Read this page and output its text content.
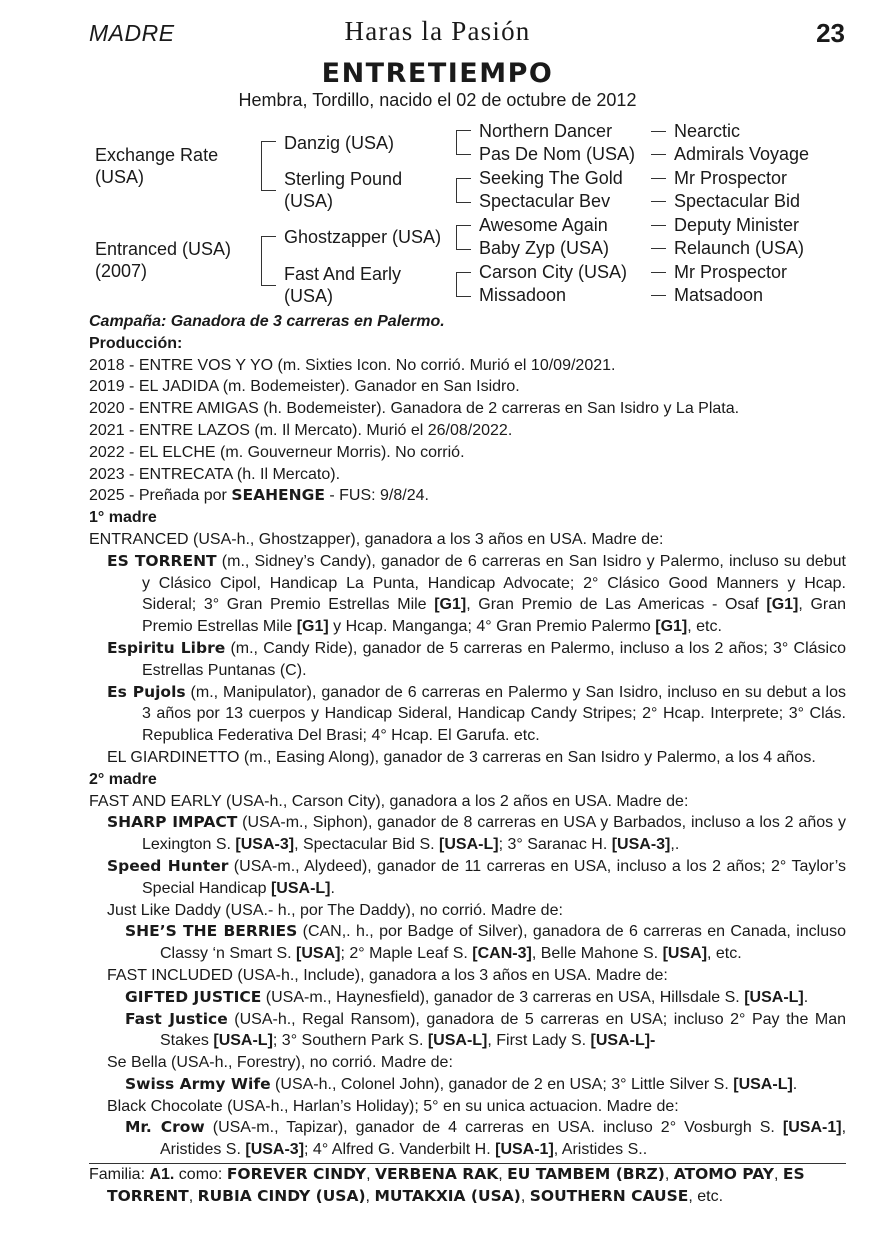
MADRE	Haras la Pasión	23
ENTRETIEMPO
Hembra, Tordillo, nacido el 02 de octubre de 2012
Exchange Rate
(USA)
Entranced (USA)
(2007)
Danzig (USA)
Sterling Pound
(USA)
Ghostzapper (USA)
Fast And Early
(USA)
Northern Dancer
Pas De Nom (USA)
Seeking The Gold
Spectacular Bev
Awesome Again
Baby Zyp (USA)
Carson City (USA)
Missadoon
Nearctic
Admirals Voyage
Mr Prospector
Spectacular Bid
Deputy Minister
Relaunch (USA)
Mr Prospector
Matsadoon
Campaña: Ganadora de 3 carreras en Palermo.
Producción:
2018 - ENTRE VOS Y YO (m. Sixties Icon. No corrió. Murió el 10/09/2021.
2019 - EL JADIDA (m. Bodemeister). Ganador en San Isidro.
2020 - ENTRE AMIGAS (h. Bodemeister). Ganadora de 2 carreras en San Isidro y La Plata.
2021 - ENTRE LAZOS (m. Il Mercato). Murió el 26/08/2022.
2022 - EL ELCHE (m. Gouverneur Morris). No corrió.
2023 - ENTRECATA (h. Il Mercato).
2025 - Preñada por SEAHENGE - FUS: 9/8/24.
1° madre
ENTRANCED (USA-h., Ghostzapper), ganadora a los 3 años en USA. Madre de:
ES TORRENT (m., Sidney’s Candy), ganador de 6 carreras en San Isidro y Palermo, incluso su debut y Clásico Cipol, Handicap La Punta, Handicap Advocate; 2° Clásico Good Manners y Hcap. Sideral; 3° Gran Premio Estrellas Mile [G1], Gran Premio de Las Americas - Osaf [G1], Gran Premio Estrellas Mile [G1] y Hcap. Manganga; 4° Gran Premio Palermo [G1], etc.
Espiritu Libre (m., Candy Ride), ganador de 5 carreras en Palermo, incluso a los 2 años; 3° Clásico Estrellas Puntanas (C).
Es Pujols (m., Manipulator), ganador de 6 carreras en Palermo y San Isidro, incluso en su debut a los 3 años por 13 cuerpos y Handicap Sideral, Handicap Candy Stripes; 2° Hcap. Interprete; 3° Clás. Republica Federativa Del Brasi; 4° Hcap. El Garufa. etc.
EL GIARDINETTO (m., Easing Along), ganador de 3 carreras en San Isidro y Palermo, a los 4 años.
2° madre
FAST AND EARLY (USA-h., Carson City), ganadora a los 2 años en USA. Madre de:
SHARP IMPACT (USA-m., Siphon), ganador de 8 carreras en USA y Barbados, incluso a los 2 años y Lexington S. [USA-3], Spectacular Bid S. [USA-L]; 3° Saranac H. [USA-3],.
Speed Hunter (USA-m., Alydeed), ganador de 11 carreras en USA, incluso a los 2 años; 2° Taylor’s Special Handicap [USA-L].
Just Like Daddy (USA.- h., por The Daddy), no corrió. Madre de:
SHE’S THE BERRIES (CAN,. h., por Badge of Silver), ganadora de 6 carreras en Canada, incluso Classy ‘n Smart S. [USA]; 2° Maple Leaf S. [CAN-3], Belle Mahone S. [USA], etc.
FAST INCLUDED (USA-h., Include), ganadora a los 3 años en USA. Madre de:
GIFTED JUSTICE (USA-m., Haynesfield), ganador de 3 carreras en USA, Hillsdale S. [USA-L].
Fast Justice (USA-h., Regal Ransom), ganadora de 5 carreras en USA; incluso 2° Pay the Man Stakes [USA-L]; 3° Southern Park S. [USA-L], First Lady S. [USA-L]-
Se Bella (USA-h., Forestry), no corrió. Madre de:
Swiss Army Wife (USA-h., Colonel John), ganador de 2 en USA; 3° Little Silver S. [USA-L].
Black Chocolate (USA-h., Harlan’s Holiday); 5° en su unica actuacion. Madre de:
Mr. Crow (USA-m., Tapizar), ganador de 4 carreras en USA. incluso 2° Vosburgh S. [USA-1], Aristides S. [USA-3]; 4° Alfred G. Vanderbilt H. [USA-1], Aristides S..
Familia: A1. como: FOREVER CINDY, VERBENA RAK, EU TAMBEM (BRZ), ATOMO PAY, ES TORRENT, RUBIA CINDY (USA), MUTAKXIA (USA), SOUTHERN CAUSE, etc.
